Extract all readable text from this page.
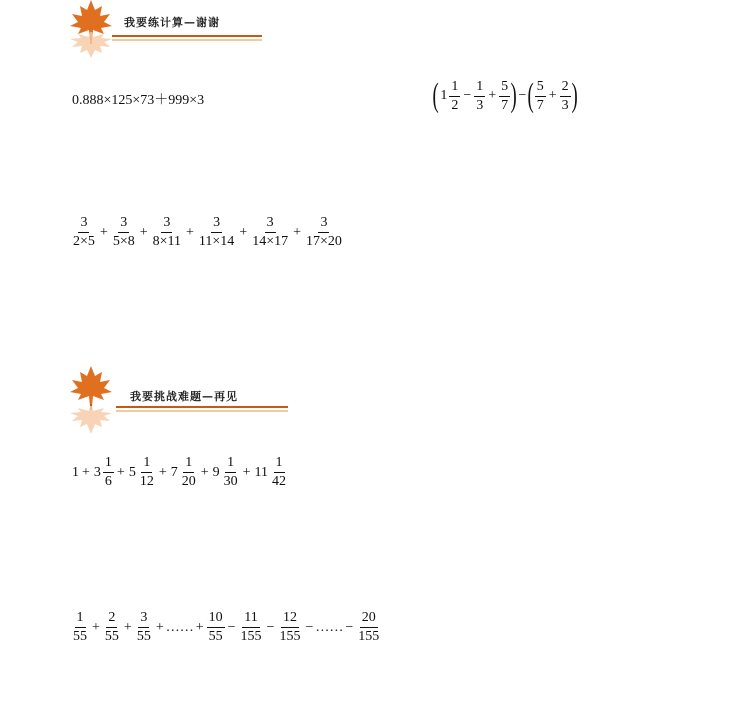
我要练计算—谢谢
0.888×125×73＋999×3	( $1 \frac{1}{2} - \frac{1}{3} + \frac{5}{7}$ ) − ( $\frac{5}{7} + \frac{2}{3}$ )
$\frac{3}{2\times 5} + \frac{3}{5\times 8} + \frac{3}{8\times 11} + \frac{3}{11\times 14} + \frac{3}{14\times 17} + \frac{3}{17\times 20}$
我要挑战难题—再见
$1 + 3 \frac{1}{6} + 5 \frac{1}{12} + 7 \frac{1}{20} + 9 \frac{1}{30} + 11 \frac{1}{42}$
$\frac{1}{55} + \frac{2}{55} + \frac{3}{55}$ + …… + $\frac{10}{55} - \frac{11}{155} - \frac{12}{155}$ − …… − $\frac{20}{155}$
